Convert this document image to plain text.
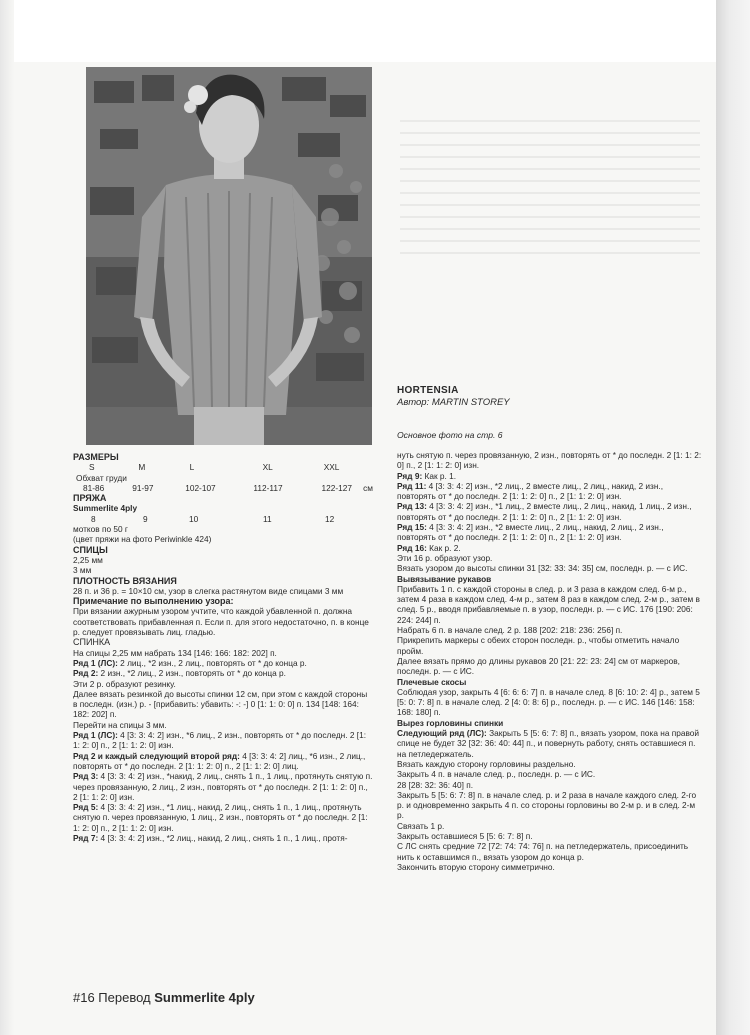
HORTENSIA
Автор: MARTIN STOREY
Основное фото на стр. 6

РАЗМЕРЫ

S	M	L	XL	XXL

Обхват груди

81-86	91-97	102-107	112-117	122-127	см

ПРЯЖА

Summerlite 4ply

8	9	10	11	12

мотков по 50 г

(цвет пряжи на фото Periwinkle 424)

СПИЦЫ

2,25 мм

3 мм

ПЛОТНОСТЬ ВЯЗАНИЯ

28 п. и 36 р. = 10×10 см, узор в слегка растянутом виде спицами 3 мм

Примечание по выполнению узора:

При вязании ажурным узором учтите, что каждой убавленной п. должна соответствовать прибавленная п. Если п. для этого недостаточно, п. в конце р. следует провязывать лиц. гладью.

СПИНКА

На спицы 2,25 мм набрать 134 [146: 166: 182: 202] п.

Ряд 1 (ЛС): 2 лиц., *2 изн., 2 лиц., повторять от * до конца р.

Ряд 2: 2 изн., *2 лиц., 2 изн., повторять от * до конца р.

Эти 2 р. образуют резинку.

Далее вязать резинкой до высоты спинки 12 см, при этом с каждой стороны в последн. (изн.) р. - [прибавить: убавить: -: -] 0 [1: 1: 0: 0] п. 134 [148: 164: 182: 202] п.

Перейти на спицы 3 мм.

Ряд 1 (ЛС): 4 [3: 3: 4: 2] изн., *6 лиц., 2 изн., повторять от * до последн. 2 [1: 1: 2: 0] п., 2 [1: 1: 2: 0] изн.

Ряд 2 и каждый следующий второй ряд: 4 [3: 3: 4: 2] лиц., *6 изн., 2 лиц., повторять от * до последн. 2 [1: 1: 2: 0] п., 2 [1: 1: 2: 0] лиц.

Ряд 3: 4 [3: 3: 4: 2] изн., *накид, 2 лиц., снять 1 п., 1 лиц., протянуть снятую п. через провязанную, 2 лиц., 2 изн., повторять от * до последн. 2 [1: 1: 2: 0] п., 2 [1: 1: 2: 0] изн.

Ряд 5: 4 [3: 3: 4: 2] изн., *1 лиц., накид, 2 лиц., снять 1 п., 1 лиц., протянуть снятую п. через провязанную, 1 лиц., 2 изн., повторять от * до последн. 2 [1: 1: 2: 0] п., 2 [1: 1: 2: 0] изн.

Ряд 7: 4 [3: 3: 4: 2] изн., *2 лиц., накид, 2 лиц., снять 1 п., 1 лиц., протя-

нуть снятую п. через провязанную, 2 изн., повторять от * до последн. 2 [1: 1: 2: 0] п., 2 [1: 1: 2: 0] изн.

Ряд 9: Как р. 1.

Ряд 11: 4 [3: 3: 4: 2] изн., *2 лиц., 2 вместе лиц., 2 лиц., накид, 2 изн., повторять от * до последн. 2 [1: 1: 2: 0] п., 2 [1: 1: 2: 0] изн.

Ряд 13: 4 [3: 3: 4: 2] изн., *1 лиц., 2 вместе лиц., 2 лиц., накид, 1 лиц., 2 изн., повторять от * до последн. 2 [1: 1: 2: 0] п., 2 [1: 1: 2: 0] изн.

Ряд 15: 4 [3: 3: 4: 2] изн., *2 вместе лиц., 2 лиц., накид, 2 лиц., 2 изн., повторять от * до последн. 2 [1: 1: 2: 0] п., 2 [1: 1: 2: 0] изн.

Ряд 16: Как р. 2.

Эти 16 р. образуют узор.

Вязать узором до высоты спинки 31 [32: 33: 34: 35] см, последн. р. — с ИС.

Вывязывание рукавов

Прибавить 1 п. с каждой стороны в след. р. и 3 раза в каждом след. 6-м р., затем 4 раза в каждом след. 4-м р., затем 8 раз в каждом след. 2-м р., затем в след. 5 р., вводя прибавляемые п. в узор, последн. р. — с ИС. 176 [190: 206: 224: 244] п.

Набрать 6 п. в начале след. 2 р. 188 [202: 218: 236: 256] п.

Прикрепить маркеры с обеих сторон последн. р., чтобы отметить начало пройм.

Далее вязать прямо до длины рукавов 20 [21: 22: 23: 24] см от маркеров, последн. р. — с ИС.

Плечевые скосы

Соблюдая узор, закрыть 4 [6: 6: 6: 7] п. в начале след. 8 [6: 10: 2: 4] р., затем 5 [5: 0: 7: 8] п. в начале след. 2 [4: 0: 8: 6] р., последн. р. — с ИС. 146 [146: 158: 168: 180] п.

Вырез горловины спинки

Следующий ряд (ЛС): Закрыть 5 [5: 6: 7: 8] п., вязать узором, пока на правой спице не будет 32 [32: 36: 40: 44] п., и повернуть работу, снять оставшиеся п. на петледержатель.

Вязать каждую сторону горловины раздельно.

Закрыть 4 п. в начале след. р., последн. р. — с ИС.

28 [28: 32: 36: 40] п.

Закрыть 5 [5: 6: 7: 8] п. в начале след. р. и 2 раза в начале каждого след. 2-го р. и одновременно закрыть 4 п. со стороны горловины во 2-м р. и в след. 2-м р.

Связать 1 р.

Закрыть оставшиеся 5 [5: 6: 7: 8] п.

С ЛС снять средние 72 [72: 74: 74: 76] п. на петледержатель, присоединить нить к оставшимся п., вязать узором до конца р.

Закончить вторую сторону симметрично.

#16 Перевод Summerlite 4ply
